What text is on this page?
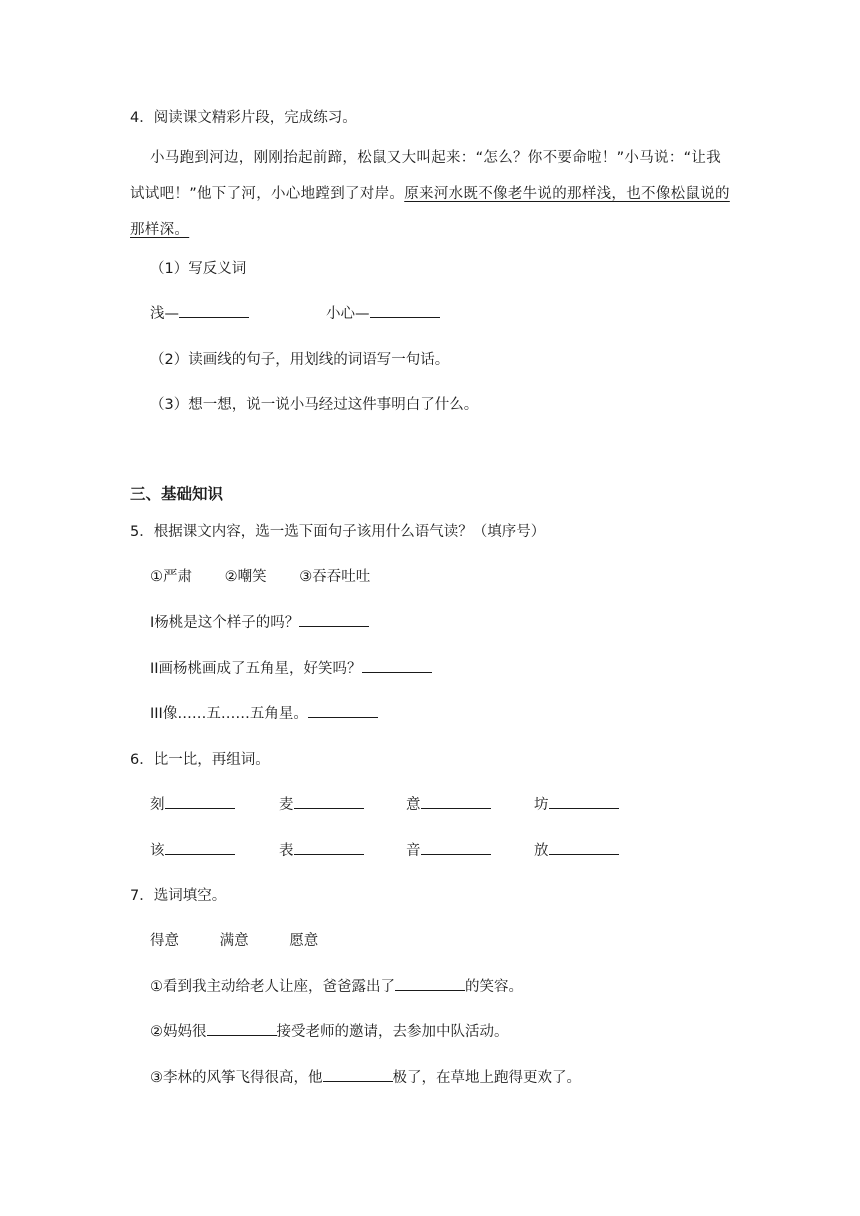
4．阅读课文精彩片段，完成练习。
小马跑到河边，刚刚抬起前蹄，松鼠又大叫起来：“怎么？你不要命啦！”小马说：“让我试试吧！”他下了河，小心地蹚到了对岸。原来河水既不像老牛说的那样浅，也不像松鼠说的那样深。
（1）写反义词
浅—	小心—
（2）读画线的句子，用划线的词语写一句话。
（3）想一想，说一说小马经过这件事明白了什么。
三、基础知识
5．根据课文内容，选一选下面句子该用什么语气读？（填序号）
①严肃 ②嘲笑 ③吞吞吐吐
I杨桃是这个样子的吗？
II画杨桃画成了五角星，好笑吗？
III像……五……五角星。
6．比一比，再组词。
刻	麦	意	坊
该	表	音	放
7．选词填空。
得意	满意	愿意
①看到我主动给老人让座，爸爸露出了	的笑容。
②妈妈很	接受老师的邀请，去参加中队活动。
③李林的风筝飞得很高，他	极了，在草地上跑得更欢了。
